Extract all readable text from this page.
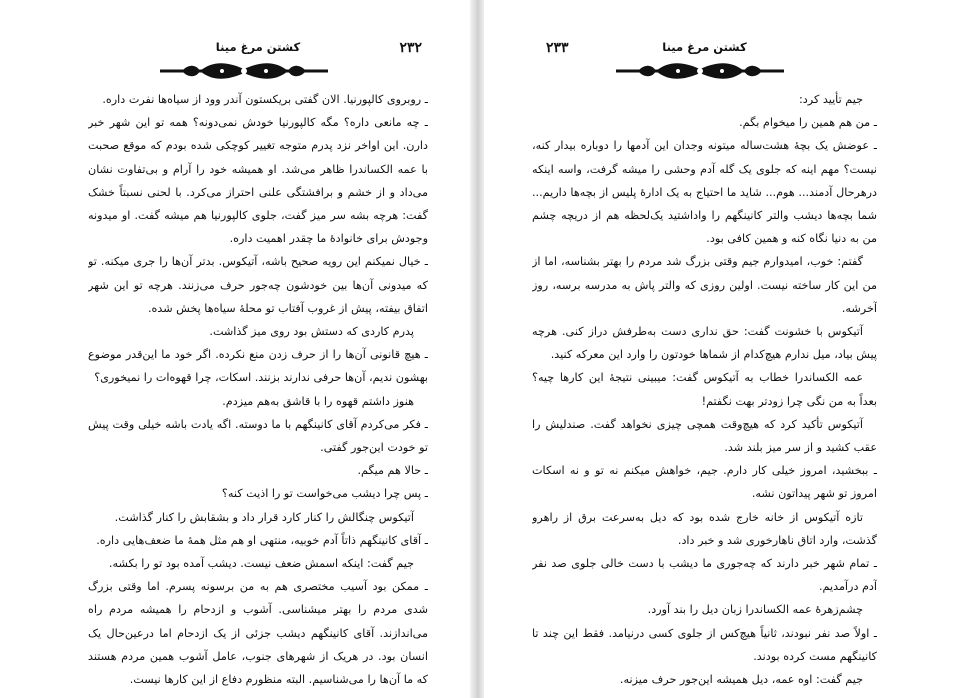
۲۳۲
کشتن مرغ مینا

ـ روبروی کالپورنیا. الان گفتی بریکستون آندر وود از سیاه‌ها نفرت داره.

ـ چه مانعی داره؟ مگه کالپورنیا خودش نمی‌دونه؟ همه تو این شهر خبر دارن. این اواخر نزد پدرم متوجه تغییر کوچکی شده بودم که موقع صحبت با عمه الکساندرا ظاهر می‌شد. او همیشه خود را آرام و بی‌تفاوت نشان می‌داد و از خشم و برافشتگی علنی احتراز می‌کرد. با لحنی نسبتاً خشک گفت: هرچه بشه سر میز گفت، جلوی کالپورنیا هم میشه گفت. او میدونه وجودش برای خانوادهٔ ما چقدر اهمیت داره.

ـ خیال نمیکنم این رویه صحیح باشه، آتیکوس. بدتر آن‌ها را جری میکنه. تو که میدونی آن‌ها بین خودشون چه‌جور حرف می‌زنند. هرچه تو این شهر اتفاق بیفته، پیش از غروب آفتاب تو محلهٔ سیاه‌ها پخش شده.

پدرم کاردی که دستش بود روی میز گذاشت.

ـ هیچ قانونی آن‌ها را از حرف زدن منع نکرده. اگر خود ما این‌قدر موضوع بهشون ندیم، آن‌ها حرفی ندارند بزنند. اسکات، چرا قهوه‌ات را نمیخوری؟

هنوز داشتم قهوه را با قاشق به‌هم میزدم.

ـ فکر می‌کردم آقای کانینگهم با ما دوسته. اگه یادت باشه خیلی وقت پیش تو خودت این‌جور گفتی.

ـ حالا هم میگم.

ـ پس چرا دیشب می‌خواست تو را اذیت کنه؟

آتیکوس چنگالش را کنار کارد قرار داد و بشقابش را کنار گذاشت.

ـ آقای کانینگهم ذاتاً آدم خوبیه، منتهی او هم مثل همهٔ ما ضعف‌هایی داره.

جیم گفت: اینکه اسمش ضعف نیست. دیشب آمده بود تو را بکشه.

ـ ممکن بود آسیب مختصری هم به من برسونه پسرم. اما وقتی بزرگ شدی مردم را بهتر میشناسی. آشوب و ازدحام را همیشه مردم راه می‌اندازند. آقای کانینگهم دیشب جزئی از یک ازدحام اما درعین‌حال یک انسان بود. در هریک از شهرهای جنوب، عامل آشوب همین مردم هستند که ما آن‌ها را می‌شناسیم. البته منظورم دفاع از این کارها نیست.

۲۳۳	کشتن مرغ مینا

جیم تأیید کرد:

ـ من هم همین را میخوام بگم.

ـ عوضش یک بچهٔ هشت‌ساله میتونه وجدان این آدمها را دوباره بیدار کنه، نیست؟ مهم اینه که جلوی یک گله آدم وحشی را میشه گرفت، واسه اینکه درهرحال آدمند... هوم... شاید ما احتیاج به یک ادارهٔ پلیس از بچه‌ها داریم... شما بچه‌ها دیشب والتر کانینگهم را واداشتید یک‌لحظه هم از دریچه چشم من به دنیا نگاه کنه و همین کافی بود.

گفتم: خوب، امیدوارم جیم وقتی بزرگ شد مردم را بهتر بشناسه، اما از من این کار ساخته نیست. اولین روزی که والتر پاش به مدرسه برسه، روز آخرشه.

آتیکوس با خشونت گفت: حق نداری دست به‌طرفش دراز کنی. هرچه پیش بیاد، میل ندارم هیچ‌کدام از شماها خودتون را وارد این معرکه کنید.

عمه الکساندرا خطاب به آتیکوس گفت: میبینی نتیجهٔ این کارها چیه؟ بعداً به من نگی چرا زودتر بهت نگفتم!

آتیکوس تأکید کرد که هیچ‌وقت همچی چیزی نخواهد گفت. صندلیش را عقب کشید و از سر میز بلند شد.

ـ ببخشید، امروز خیلی کار دارم. جیم، خواهش میکنم نه تو و نه اسکات امروز تو شهر پیداتون نشه.

تازه آتیکوس از خانه خارج شده بود که دیل به‌سرعت برق از راهرو گذشت، وارد اتاق ناهارخوری شد و خبر داد.

ـ تمام شهر خبر دارند که چه‌جوری ما دیشب با دست خالی جلوی صد نفر آدم درآمدیم.

چشم‌زهرهٔ عمه الکساندرا زبان دیل را بند آورد.

ـ اولاً صد نفر نبودند، ثانیاً هیچ‌کس از جلوی کسی درنیامد. فقط این چند تا کانینگهم مست کرده بودند.

جیم گفت: اوه عمه، دیل همیشه این‌جور حرف میزنه.
